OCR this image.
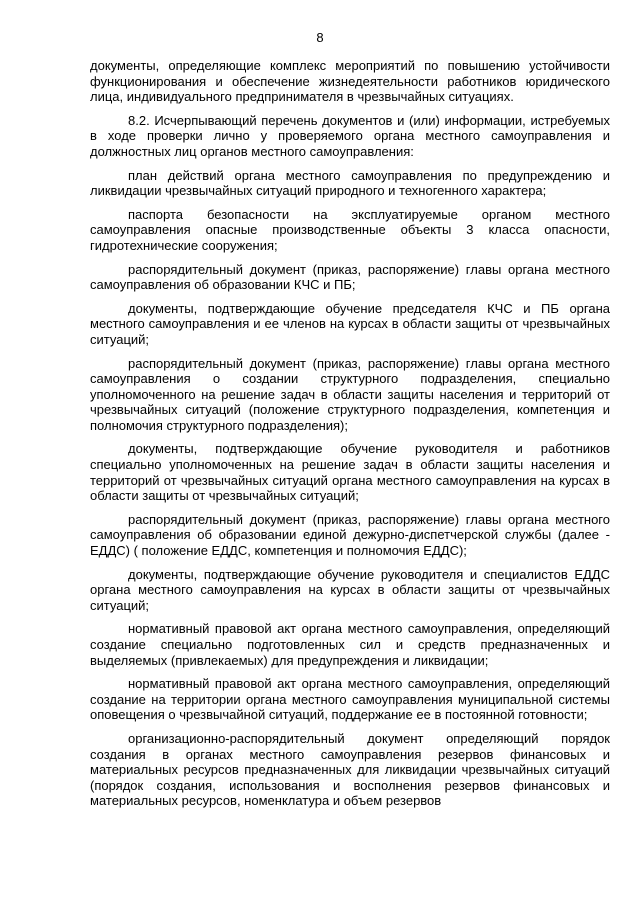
8

документы, определяющие комплекс мероприятий по повышению устойчивости функционирования и обеспечение жизнедеятельности работников юридического лица, индивидуального предпринимателя в чрезвычайных ситуациях.

8.2. Исчерпывающий перечень документов и (или) информации, истребуемых в ходе проверки лично у проверяемого органа местного самоуправления и должностных лиц органов местного самоуправления:

план действий органа местного самоуправления по предупреждению и ликвидации чрезвычайных ситуаций природного и техногенного характера;

паспорта безопасности на эксплуатируемые органом местного самоуправления опасные производственные объекты 3 класса опасности, гидротехнические сооружения;

распорядительный документ (приказ, распоряжение) главы органа местного самоуправления об образовании КЧС и ПБ;

документы, подтверждающие обучение председателя КЧС и ПБ органа местного самоуправления и ее членов на курсах в области защиты от чрезвычайных ситуаций;

распорядительный документ (приказ, распоряжение) главы органа местного самоуправления о создании структурного подразделения, специально уполномоченного на решение задач в области защиты населения и территорий от чрезвычайных ситуаций (положение структурного подразделения, компетенция и полномочия структурного подразделения);

документы, подтверждающие обучение руководителя и работников специально уполномоченных на решение задач в области защиты населения и территорий от чрезвычайных ситуаций органа местного самоуправления на курсах в области защиты от чрезвычайных ситуаций;

распорядительный документ (приказ, распоряжение) главы органа местного самоуправления об образовании единой дежурно-диспетчерской службы (далее - ЕДДС) ( положение ЕДДС, компетенция и полномочия ЕДДС);

документы, подтверждающие обучение руководителя и специалистов ЕДДС органа местного самоуправления на курсах в области защиты от чрезвычайных ситуаций;

нормативный правовой акт органа местного самоуправления, определяющий создание специально подготовленных сил и средств предназначенных и выделяемых (привлекаемых) для предупреждения и ликвидации;

нормативный правовой акт органа местного самоуправления, определяющий создание на территории органа местного самоуправления муниципальной системы оповещения о чрезвычайной ситуаций, поддержание ее в постоянной готовности;

организационно-распорядительный документ определяющий порядок создания в органах местного самоуправления резервов финансовых и материальных ресурсов предназначенных для ликвидации чрезвычайных ситуаций (порядок создания, использования и восполнения резервов финансовых и материальных ресурсов, номенклатура и объем резервов
